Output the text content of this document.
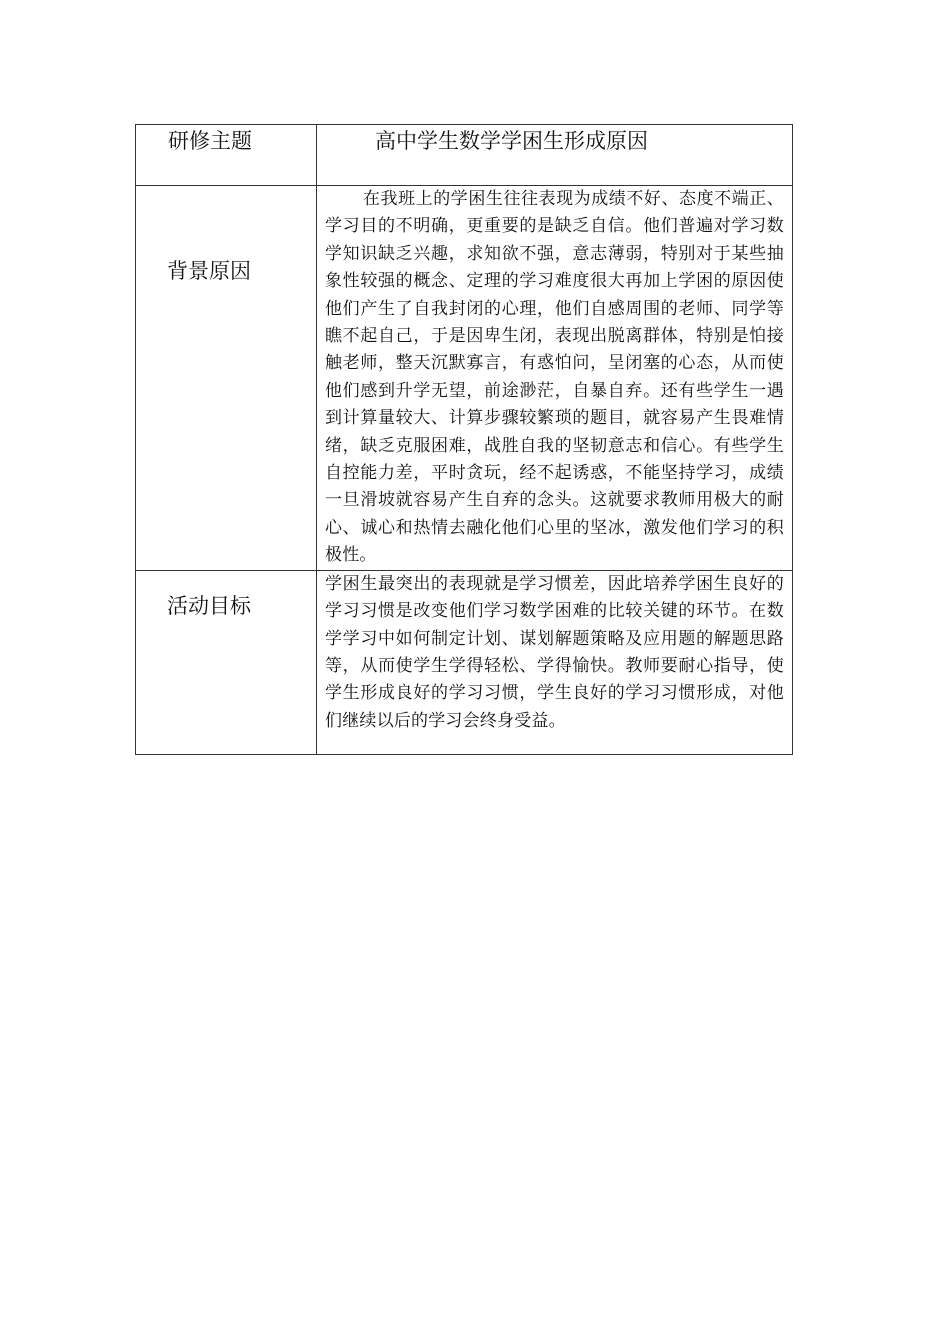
研修主题	高中学生数学学困生形成原因

背景原因	在我班上的学困生往往表现为成绩不好、态度不端正、学习目的不明确，更重要的是缺乏自信。他们普遍对学习数学知识缺乏兴趣，求知欲不强，意志薄弱，特别对于某些抽象性较强的概念、定理的学习难度很大再加上学困的原因使他们产生了自我封闭的心理，他们自感周围的老师、同学等瞧不起自己，于是因卑生闭，表现出脱离群体，特别是怕接触老师，整天沉默寡言，有惑怕问，呈闭塞的心态，从而使他们感到升学无望，前途渺茫，自暴自弃。还有些学生一遇到计算量较大、计算步骤较繁琐的题目，就容易产生畏难情绪，缺乏克服困难，战胜自我的坚韧意志和信心。有些学生自控能力差，平时贪玩，经不起诱惑，不能坚持学习，成绩一旦滑坡就容易产生自弃的念头。这就要求教师用极大的耐心、诚心和热情去融化他们心里的坚冰，激发他们学习的积极性。

活动目标	学困生最突出的表现就是学习惯差，因此培养学困生良好的学习习惯是改变他们学习数学困难的比较关键的环节。在数学学习中如何制定计划、谋划解题策略及应用题的解题思路等，从而使学生学得轻松、学得愉快。教师要耐心指导，使学生形成良好的学习习惯，学生良好的学习习惯形成，对他们继续以后的学习会终身受益。
